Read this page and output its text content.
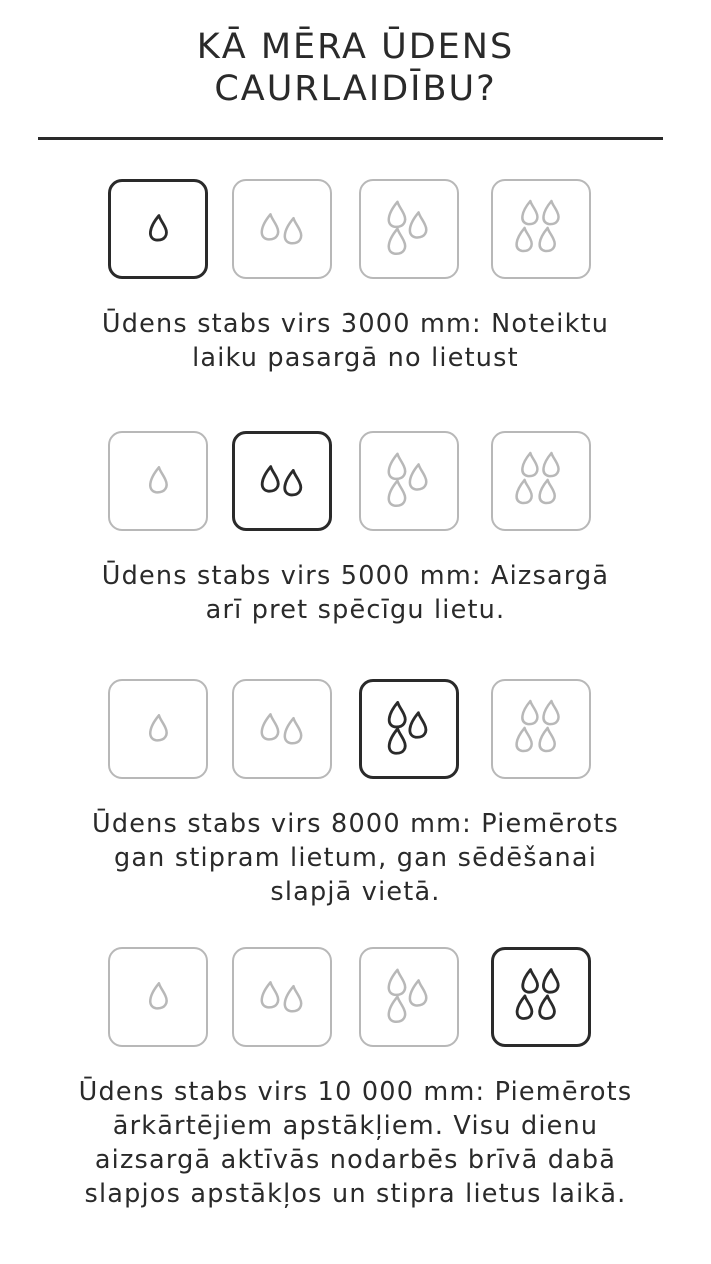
KĀ MĒRA ŪDENS
CAURLAIDĪBU?

Ūdens stabs virs 3000 mm: Noteiktu
laiku pasargā no lietust

Ūdens stabs virs 5000 mm: Aizsargā
arī pret spēcīgu lietu.

Ūdens stabs virs 8000 mm: Piemērots
gan stipram lietum, gan sēdēšanai
slapjā vietā.

Ūdens stabs virs 10 000 mm: Piemērots
ārkārtējiem apstākļiem. Visu dienu
aizsargā aktīvās nodarbēs brīvā dabā
slapjos apstākļos un stipra lietus laikā.
